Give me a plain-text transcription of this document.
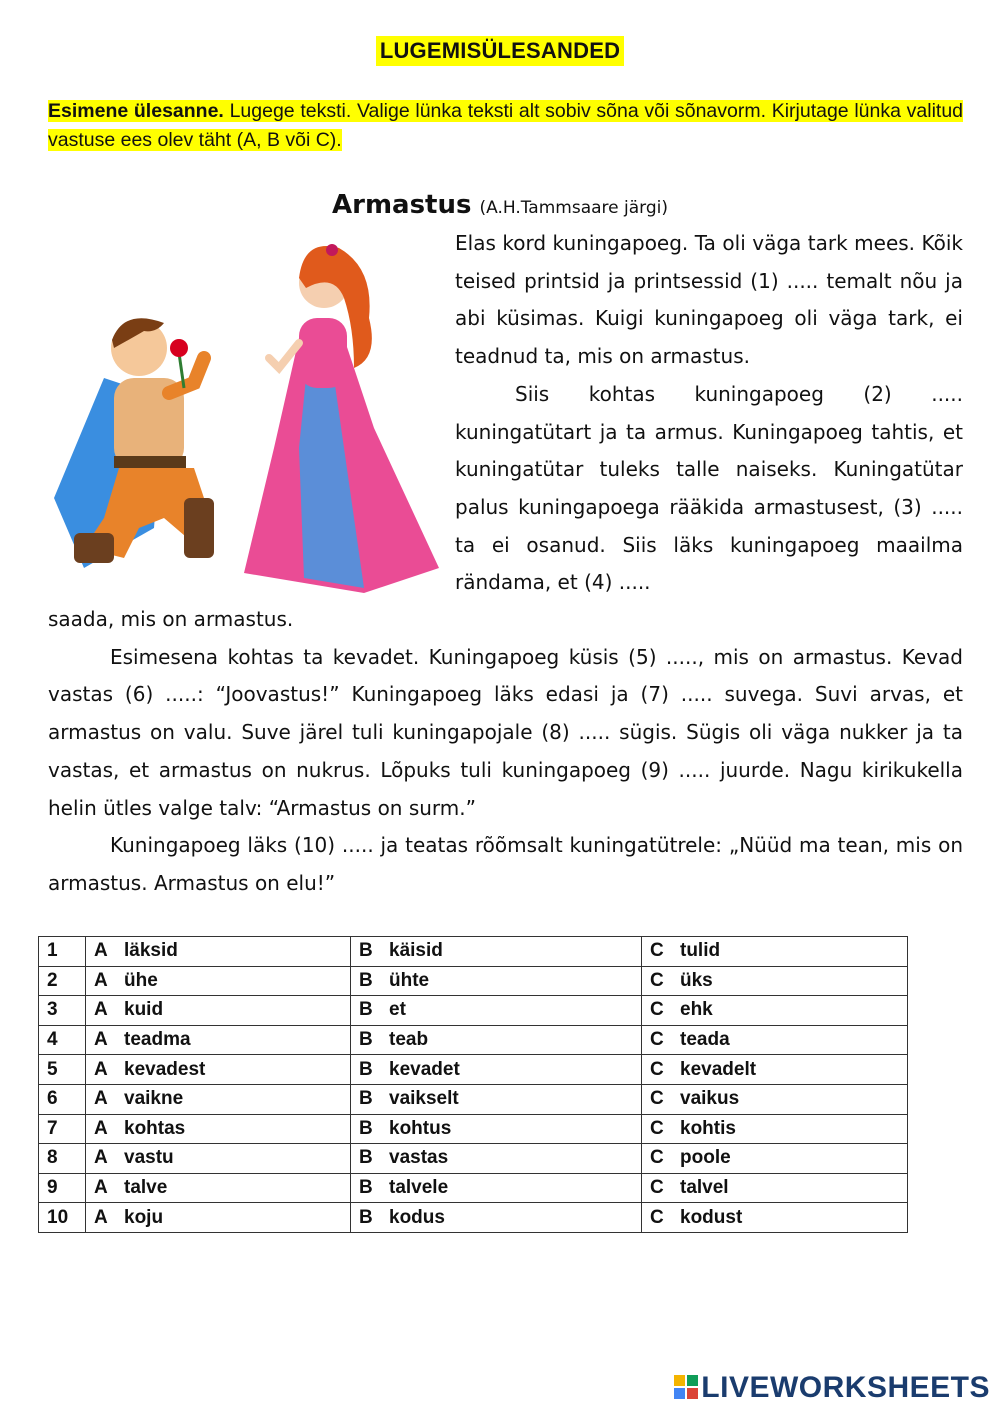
LUGEMISÜLESANDED
Esimene ülesanne. Lugege teksti. Valige lünka teksti alt sobiv sõna või sõnavorm. Kirjutage lünka valitud vastuse ees olev täht (A, B või C).
Armastus (A.H.Tammsaare järgi)

Elas kord kuningapoeg. Ta oli väga tark mees. Kõik teised printsid ja printsessid (1) ..... temalt nõu ja abi küsimas. Kuigi kuningapoeg oli väga tark, ei teadnud ta, mis on armastus.

Siis kohtas kuningapoeg (2) ..... kuningatütart ja ta armus. Kuningapoeg tahtis, et kuningatütar tuleks talle naiseks. Kuningatütar palus kuningapoega rääkida armastusest, (3) ..... ta ei osanud. Siis läks kuningapoeg maailma rändama, et (4) .....

saada, mis on armastus.

Esimesena kohtas ta kevadet. Kuningapoeg küsis (5) ....., mis on armastus. Kevad vastas (6) .....: “Joovastus!” Kuningapoeg läks edasi ja (7) ..... suvega. Suvi arvas, et armastus on valu. Suve järel tuli kuningapojale (8) ..... sügis. Sügis oli väga nukker ja ta vastas, et armastus on nukrus. Lõpuks tuli kuningapoeg (9) ..... juurde. Nagu kirikukella helin ütles valge talv: “Armastus on surm.”

Kuningapoeg läks (10) ..... ja teatas rõõmsalt kuningatütrele: „Nüüd ma tean, mis on armastus. Armastus on elu!”

1	A läksid	B käisid	C tulid
2	A ühe	B ühte	C üks
3	A kuid	B et	C ehk
4	A teadma	B teab	C teada
5	A kevadest	B kevadet	C kevadelt
6	A vaikne	B vaikselt	C vaikus
7	A kohtas	B kohtus	C kohtis
8	A vastu	B vastas	C poole
9	A talve	B talvele	C talvel
10	A koju	B kodus	C kodust
LIVEWORKSHEETS
